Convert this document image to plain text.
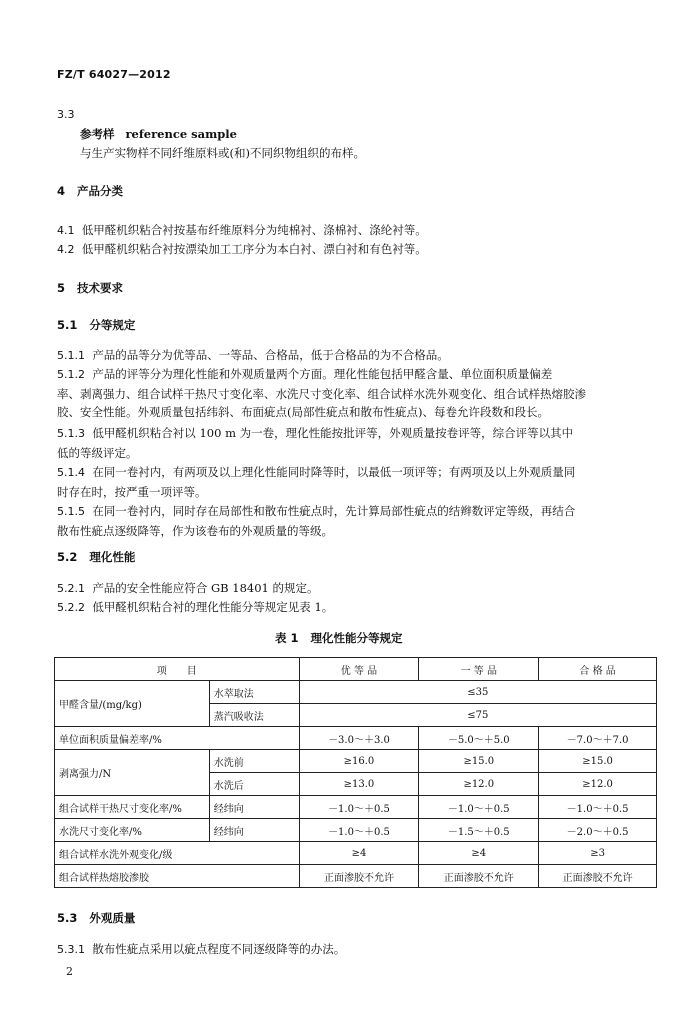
FZ/T 64027—2012
3.3
参考样 reference sample
与生产实物样不同纤维原料或(和)不同织物组织的布样。
4 产品分类
4.1 低甲醛机织粘合衬按基布纤维原料分为纯棉衬、涤棉衬、涤纶衬等。
4.2 低甲醛机织粘合衬按漂染加工工序分为本白衬、漂白衬和有色衬等。
5 技术要求
5.1 分等规定
5.1.1 产品的品等分为优等品、一等品、合格品，低于合格品的为不合格品。
5.1.2 产品的评等分为理化性能和外观质量两个方面。理化性能包括甲醛含量、单位面积质量偏差
率、剥离强力、组合试样干热尺寸变化率、水洗尺寸变化率、组合试样水洗外观变化、组合试样热熔胶渗
胶、安全性能。外观质量包括纬斜、布面疵点(局部性疵点和散布性疵点)、每卷允许段数和段长。
5.1.3 低甲醛机织粘合衬以 100 m 为一卷，理化性能按批评等，外观质量按卷评等，综合评等以其中
低的等级评定。
5.1.4 在同一卷衬内，有两项及以上理化性能同时降等时，以最低一项评等；有两项及以上外观质量同
时存在时，按严重一项评等。
5.1.5 在同一卷衬内，同时存在局部性和散布性疵点时，先计算局部性疵点的结辫数评定等级，再结合
散布性疵点逐级降等，作为该卷布的外观质量的等级。
5.2 理化性能
5.2.1 产品的安全性能应符合 GB 18401 的规定。
5.2.2 低甲醛机织粘合衬的理化性能分等规定见表 1。
表 1 理化性能分等规定
项　　目		优 等 品	一 等 品	合 格 品
甲醛含量/(mg/kg)	水萃取法	≤35		
	蒸汽吸收法	≤75		
单位面积质量偏差率/%		－3.0～＋3.0	－5.0～＋5.0	－7.0～＋7.0
剥离强力/N	水洗前	≥16.0	≥15.0	≥15.0
	水洗后	≥13.0	≥12.0	≥12.0
组合试样干热尺寸变化率/%	经纬向	－1.0～＋0.5	－1.0～＋0.5	－1.0～＋0.5
水洗尺寸变化率/%	经纬向	－1.0～＋0.5	－1.5～＋0.5	－2.0～＋0.5
组合试样水洗外观变化/级		≥4	≥4	≥3
组合试样热熔胶渗胶		正面渗胶不允许	正面渗胶不允许	正面渗胶不允许
5.3 外观质量
5.3.1 散布性疵点采用以疵点程度不同逐级降等的办法。
2
